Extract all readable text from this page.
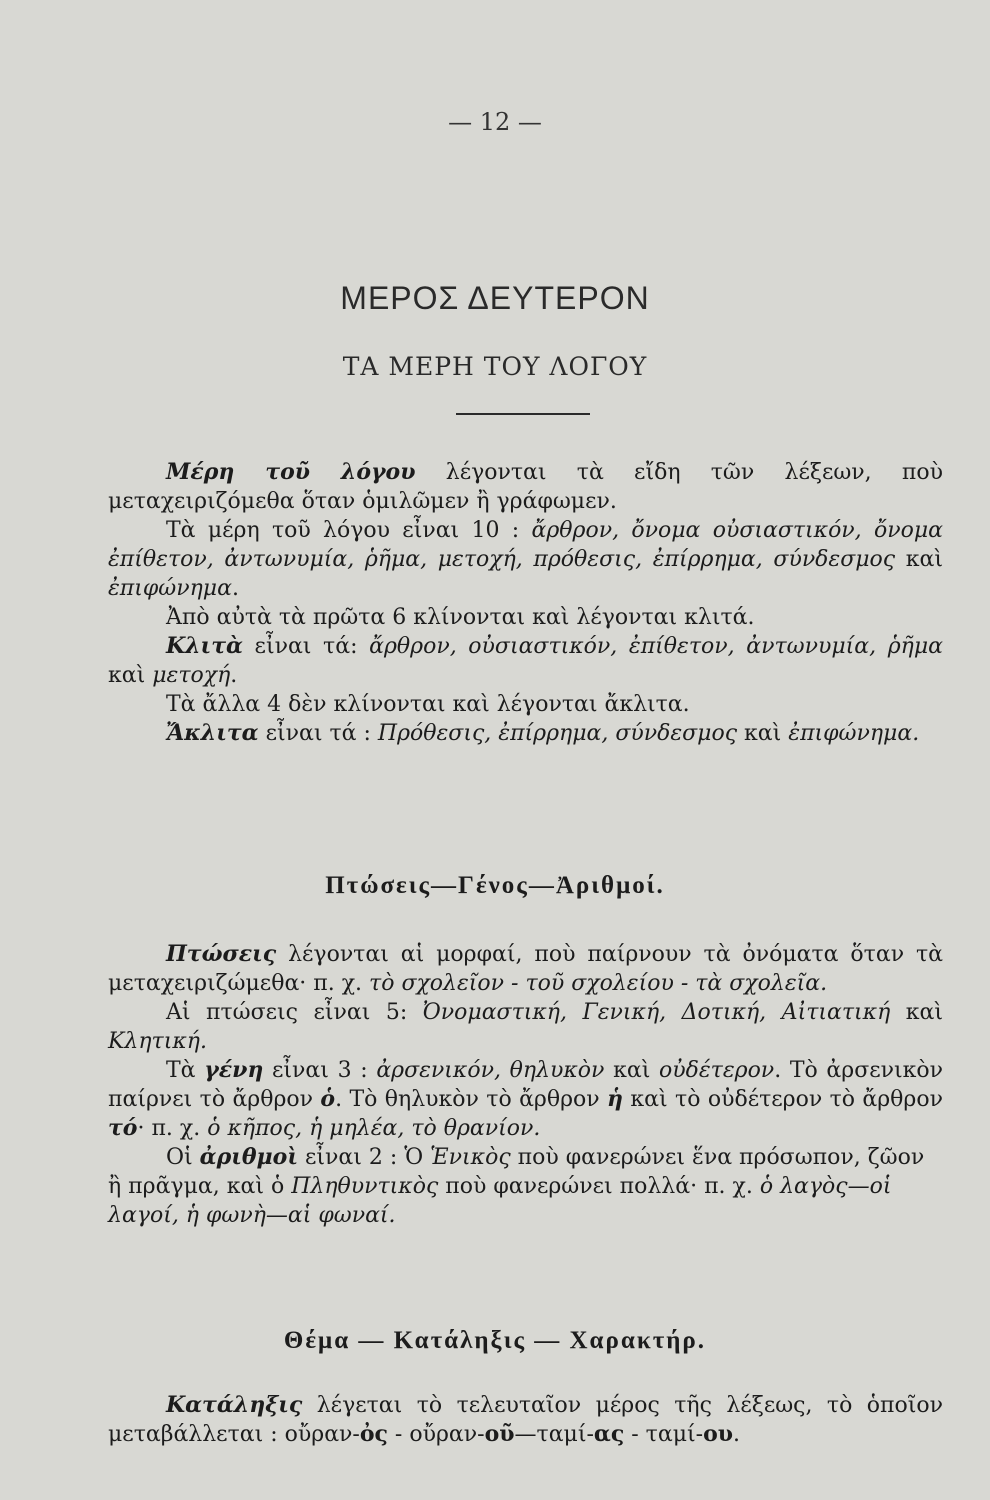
— 12 —
ΜΕΡΟΣ ΔΕΥΤΕΡΟΝ
ΤΑ ΜΕΡΗ ΤΟΥ ΛΟΓΟΥ

Μέρη τοῦ λόγου λέγονται τὰ εἴδη τῶν λέξεων, ποὺ μεταχειριζόμεθα ὅταν ὁμιλῶμεν ἢ γράφωμεν.

Τὰ μέρη τοῦ λόγου εἶναι 10 : ἄρθρον, ὄνομα οὐσιαστικόν, ὄνομα ἐπίθετον, ἀντωνυμία, ῥῆμα, μετοχή, πρόθεσις, ἐπίρρημα, σύνδεσμος καὶ ἐπιφώνημα.

Ἀπὸ αὐτὰ τὰ πρῶτα 6 κλίνονται καὶ λέγονται κλιτά.

Κλιτὰ εἶναι τά: ἄρθρον, οὐσιαστικόν, ἐπίθετον, ἀντωνυμία, ῥῆμα καὶ μετοχή.

Τὰ ἄλλα 4 δὲν κλίνονται καὶ λέγονται ἄκλιτα.

Ἄκλιτα εἶναι τά : Πρόθεσις, ἐπίρρημα, σύνδεσμος καὶ ἐπιφώνημα.

Πτώσεις—Γένος—Ἀριθμοί.

Πτώσεις λέγονται αἱ μορφαί, ποὺ παίρνουν τὰ ὀνόματα ὅταν τὰ μεταχειριζώμεθα· π. χ. τὸ σχολεῖον - τοῦ σχολείου - τὰ σχολεῖα.

Αἱ πτώσεις εἶναι 5: Ὀνομαστική, Γενική, Δοτική, Αἰτιατική καὶ Κλητική.

Τὰ γένη εἶναι 3 : ἀρσενικόν, θηλυκὸν καὶ οὐδέτερον. Τὸ ἀρσενικὸν παίρνει τὸ ἄρθρον ὁ. Τὸ θηλυκὸν τὸ ἄρθρον ἡ καὶ τὸ οὐδέτερον τὸ ἄρθρον τό· π. χ. ὁ κῆπος, ἡ μηλέα, τὸ θρανίον.

Οἱ ἀριθμοὶ εἶναι 2 : Ὁ Ἑνικὸς ποὺ φανερώνει ἕνα πρόσωπον, ζῶον ἢ πρᾶγμα, καὶ ὁ Πληθυντικὸς ποὺ φανερώνει πολλά· π. χ. ὁ λαγὸς—οἱ λαγοί, ἡ φωνὴ—αἱ φωναί.

Θέμα — Κατάληξις — Χαρακτήρ.

Κατάληξις λέγεται τὸ τελευταῖον μέρος τῆς λέξεως, τὸ ὁποῖον μεταβάλλεται : οὔραν-ὀς - οὔραν-οῦ—ταμί-ας - ταμί-ου.
